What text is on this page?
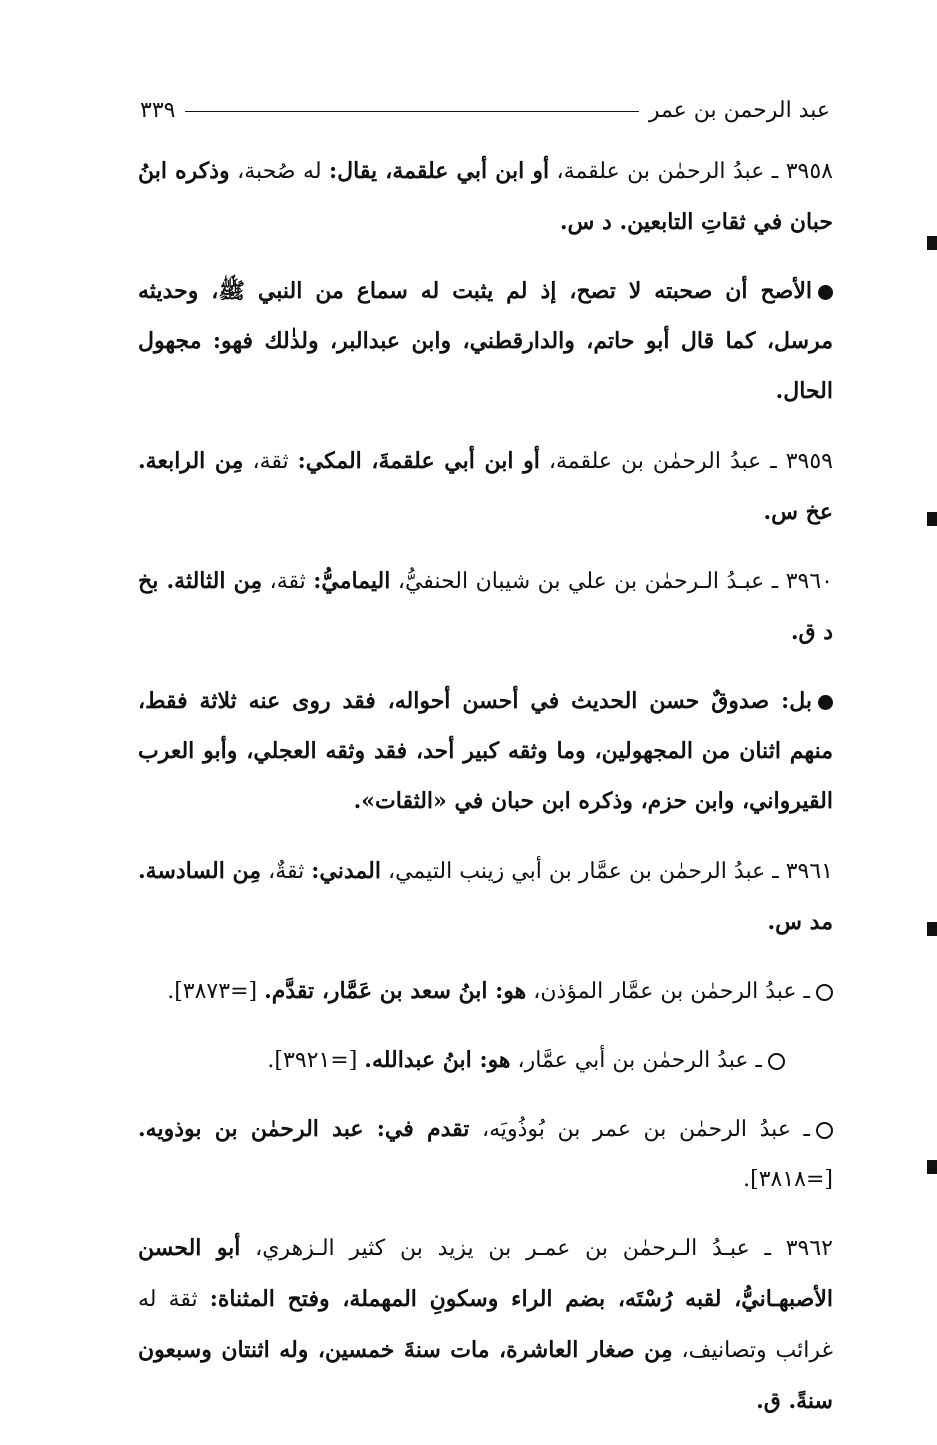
عبد الرحمن بن عمر
٣٣٩

٣٩٥٨ ـ عبدُ الرحمٰن بن علقمة، أو ابن أبي علقمة، يقال: له صُحبة، وذكره ابنُ حبان في ثقاتِ التابعين. د س.

الأصح أن صحبته لا تصح، إذ لم يثبت له سماع من النبي ﷺ، وحديثه مرسل، كما قال أبو حاتم، والدارقطني، وابن عبدالبر، ولذٰلك فهو: مجهول الحال.

٣٩٥٩ ـ عبدُ الرحمٰن بن علقمة، أو ابن أبي علقمةَ، المكي: ثقة، مِن الرابعة. عخ س.

٣٩٦٠ ـ عبـدُ الـرحمٰن بن علي بن شيبان الحنفيُّ، اليماميُّ: ثقة، مِن الثالثة. بخ د ق.

بل: صدوقٌ حسن الحديث في أحسن أحواله، فقد روى عنه ثلاثة فقط، منهم اثنان من المجهولين، وما وثقه كبير أحد، فقد وثقه العجلي، وأبو العرب القيرواني، وابن حزم، وذكره ابن حبان في «الثقات».

٣٩٦١ ـ عبدُ الرحمٰن بن عمَّار بن أبي زينب التيمي، المدني: ثقةٌ، مِن السادسة. مد س.

ـ عبدُ الرحمٰن بن عمَّار المؤذن، هو: ابنُ سعد بن عَمَّار، تقدَّم. [=٣٨٧٣].

ـ عبدُ الرحمٰن بن أبي عمَّار، هو: ابنُ عبدالله. [=٣٩٢١].

ـ عبدُ الرحمٰن بن عمر بن بُوذُويَه، تقدم في: عبد الرحمٰن بن بوذويه. [=٣٨١٨].

٣٩٦٢ ـ عبـدُ الـرحمٰن بن عمـر بن يزيد بن كثير الـزهري، أبو الحسن الأصبهـانيُّ، لقبه رُسْتَه، بضم الراء وسكونِ المهملة، وفتح المثناة: ثقة له غرائب وتصانيف، مِن صغار العاشرة، مات سنةَ خمسين، وله اثنتان وسبعون سنةً. ق.
